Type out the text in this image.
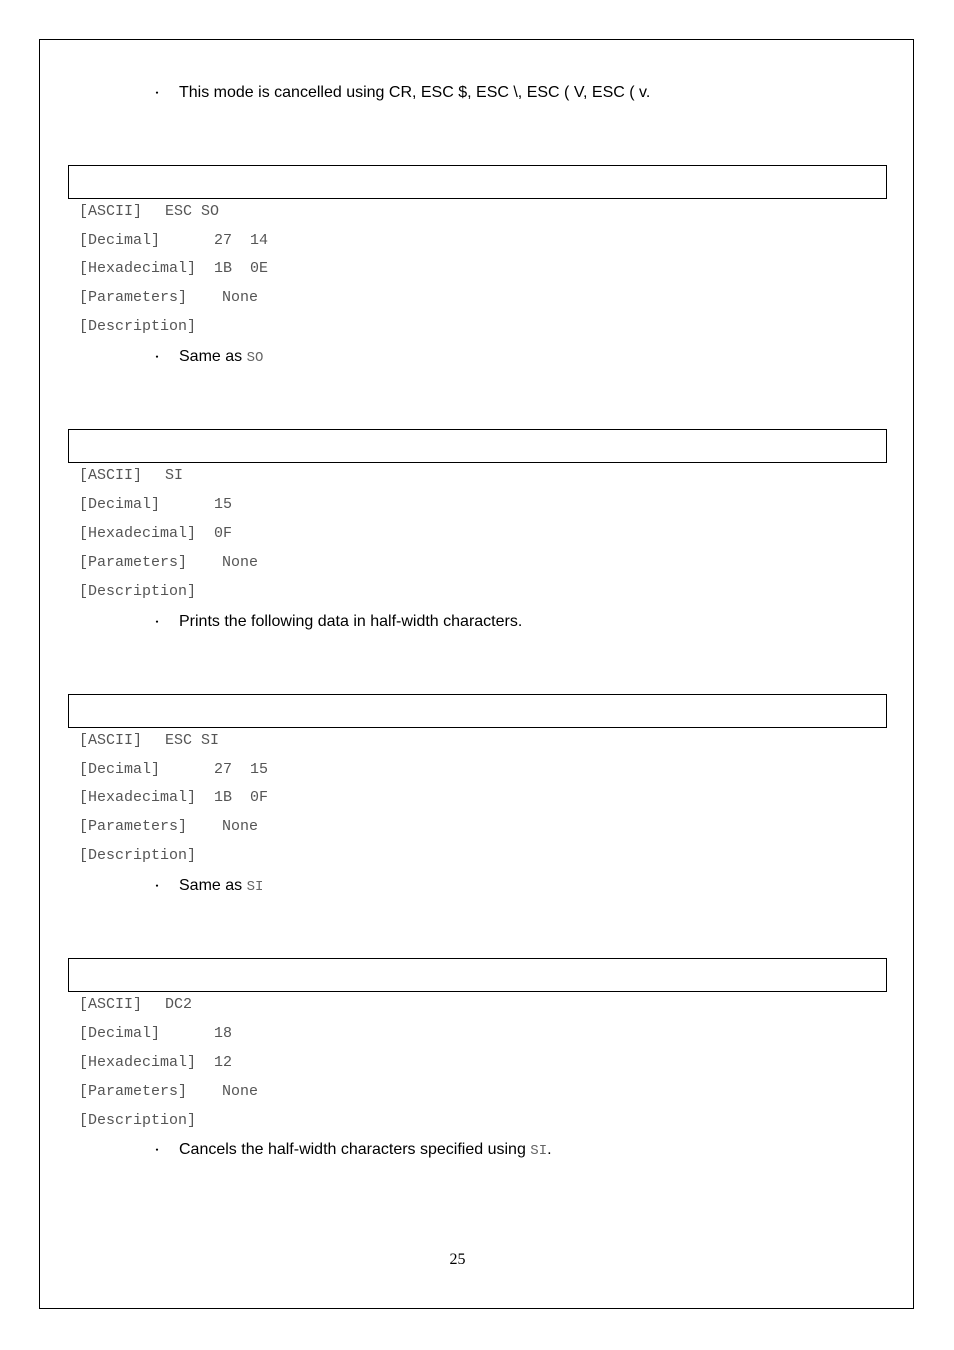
・

This mode is cancelled using CR, ESC $, ESC \, ESC ( V, ESC ( v.

[ASCII]

ESC SO

[Decimal]

	27  14

[Hexadecimal]

1B  0E

[Parameters]

None

[Description]

・

Same as SO

[ASCII]

SI

[Decimal]

	15

[Hexadecimal]

0F

[Parameters]

None

[Description]

・

Prints the following data in half-width characters.

[ASCII]

ESC SI

[Decimal]

	27  15

[Hexadecimal]

1B  0F

[Parameters]

None

[Description]

・

Same as SI

[ASCII]

DC2

[Decimal]

	18

[Hexadecimal]

12

[Parameters]

None

[Description]

・

Cancels the half-width characters specified using SI.

25
